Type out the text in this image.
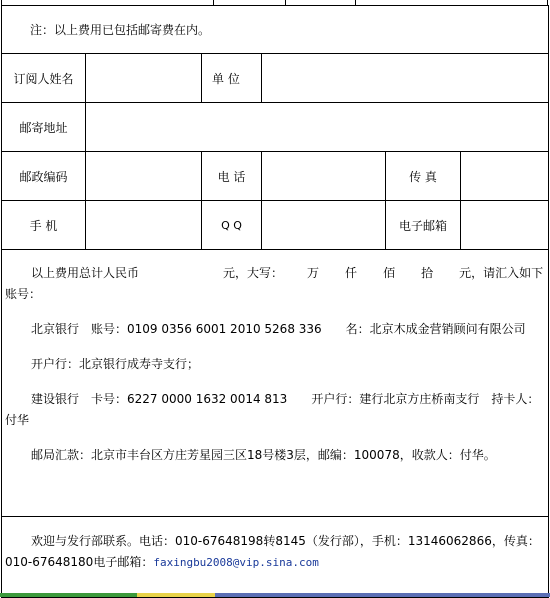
注：以上费用已包括邮寄费在内。					
订阅人姓名		单 位			
邮寄地址					
邮政编码		电 话		传 真	
手 机		Q Q		电子邮箱	

以上费用总计人民币 元，大写： 万 仟 佰 拾 元，请汇入如下账号：

北京银行　账号：0109 0356 6001 2010 5268 336　　名：北京木成金营销顾问有限公司

开户行：北京银行成寿寺支行；

建设银行　卡号：6227 0000 1632 0014 813　　开户行：建行北京方庄桥南支行　持卡人：付华

邮局汇款：北京市丰台区方庄芳星园三区18号楼3层，邮编：100078，收款人：付华。					

欢迎与发行部联系。电话：010-67648198转8145（发行部），手机：13146062866，传真：010-67648180电子邮箱：faxingbu2008@vip.sina.com					
